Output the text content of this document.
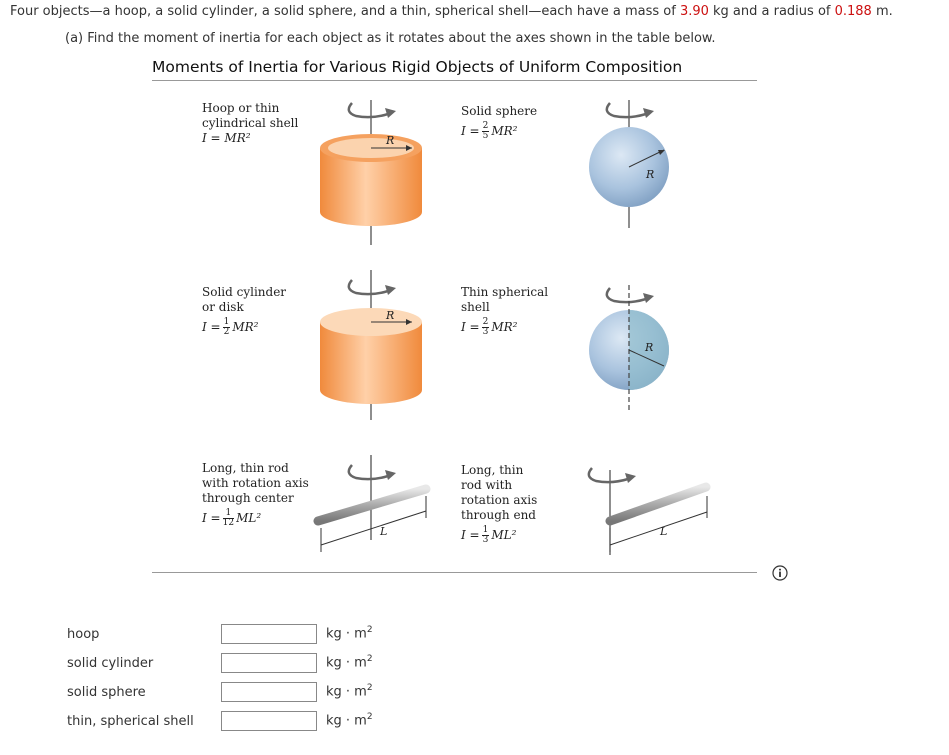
Four objects—a hoop, a solid cylinder, a solid sphere, and a thin, spherical shell—each have a mass of 3.90 kg and a radius of 0.188 m.
(a) Find the moment of inertia for each object as it rotates about the axes shown in the table below.
Moments of Inertia for Various Rigid Objects of Uniform Composition
Hoop or thin
cylindrical shell
I = MR²
Solid sphere
$I = \frac{2}{5} MR^2$
Solid cylinder
or disk
$I = \frac{1}{2} MR^2$
Thin spherical
shell
$I = \frac{2}{3} MR^2$
Long, thin rod
with rotation axis
through center
$I = \frac{1}{12} ML^2$
Long, thin
rod with
rotation axis
through end
$I = \frac{1}{3} ML^2$
R
R
R
R
L	L
hoop	kg · $m^2$
solid cylinder	kg · $m^2$
solid sphere	kg · $m^2$
thin, spherical shell	kg · $m^2$
